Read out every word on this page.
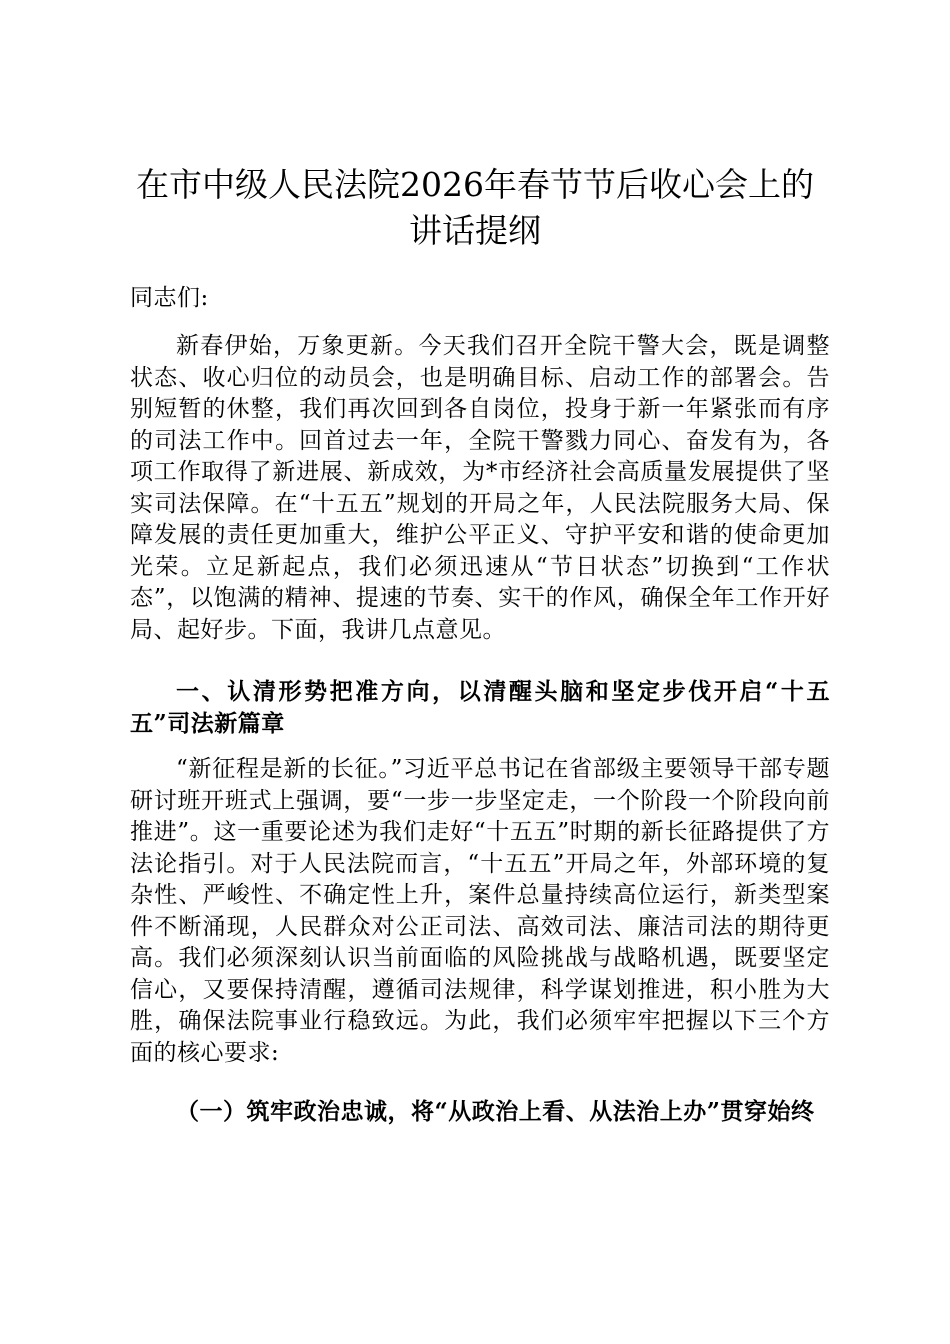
在市中级人民法院2026年春节节后收心会上的讲话提纲

同志们:

新春伊始，万象更新。今天我们召开全院干警大会，既是调整状态、收心归位的动员会，也是明确目标、启动工作的部署会。告别短暂的休整，我们再次回到各自岗位，投身于新一年紧张而有序的司法工作中。回首过去一年，全院干警戮力同心、奋发有为，各项工作取得了新进展、新成效，为*市经济社会高质量发展提供了坚实司法保障。在“十五五”规划的开局之年，人民法院服务大局、保障发展的责任更加重大，维护公平正义、守护平安和谐的使命更加光荣。立足新起点，我们必须迅速从“节日状态”切换到“工作状态”，以饱满的精神、提速的节奏、实干的作风，确保全年工作开好局、起好步。下面，我讲几点意见。

一、认清形势把准方向，以清醒头脑和坚定步伐开启“十五五”司法新篇章

“新征程是新的长征。”习近平总书记在省部级主要领导干部专题研讨班开班式上强调，要“一步一步坚定走，一个阶段一个阶段向前推进”。这一重要论述为我们走好“十五五”时期的新长征路提供了方法论指引。对于人民法院而言，“十五五”开局之年，外部环境的复杂性、严峻性、不确定性上升，案件总量持续高位运行，新类型案件不断涌现，人民群众对公正司法、高效司法、廉洁司法的期待更高。我们必须深刻认识当前面临的风险挑战与战略机遇，既要坚定信心，又要保持清醒，遵循司法规律，科学谋划推进，积小胜为大胜，确保法院事业行稳致远。为此，我们必须牢牢把握以下三个方面的核心要求:

（一）筑牢政治忠诚，将“从政治上看、从法治上办”贯穿始终
